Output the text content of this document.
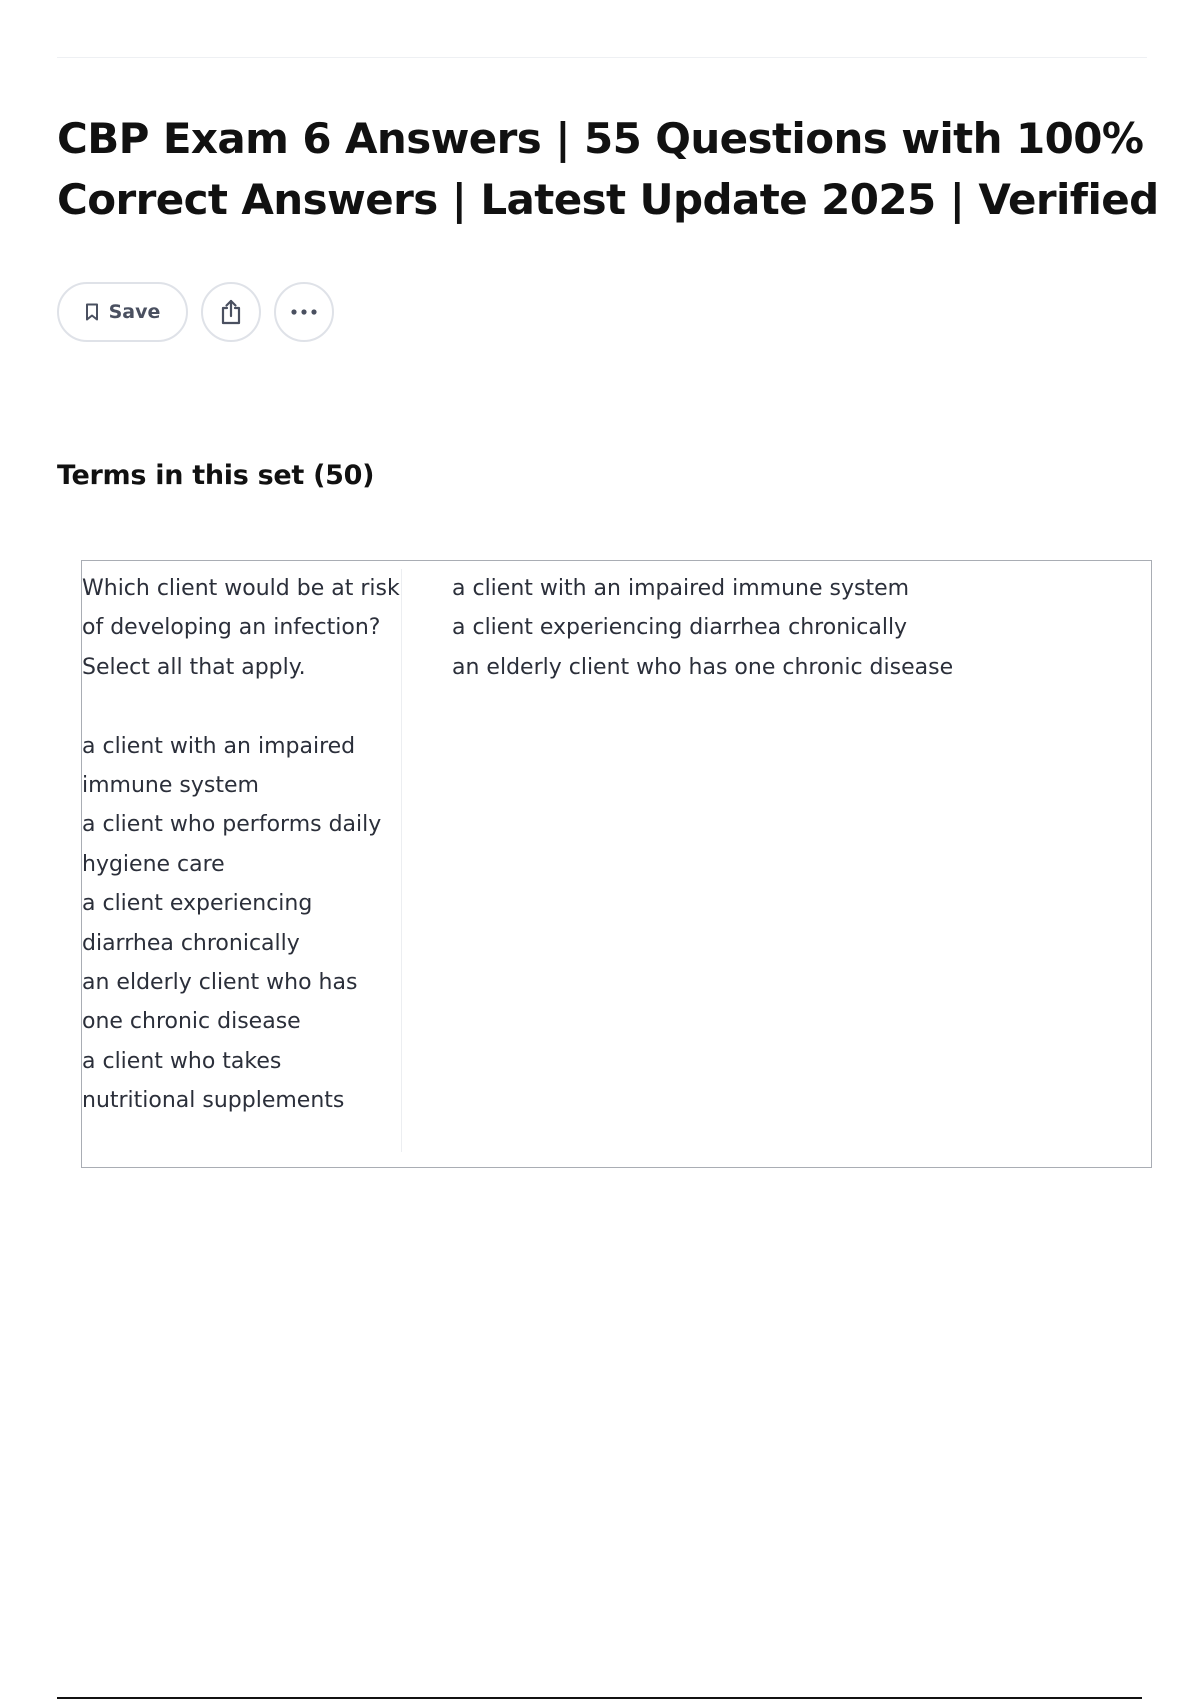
CBP Exam 6 Answers | 55 Questions with 100% Correct Answers | Latest Update 2025 | Verified
Save
Terms in this set (50)

Which client would be at risk of developing an infection? Select all that apply.

a client with an impaired immune system

a client who performs daily hygiene care

a client experiencing diarrhea chronically

an elderly client who has one chronic disease

a client who takes nutritional supplements

a client with an impaired immune system

a client experiencing diarrhea chronically

an elderly client who has one chronic disease
